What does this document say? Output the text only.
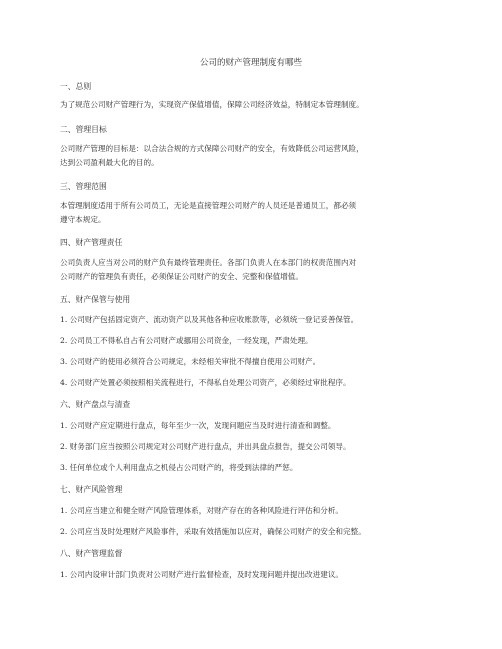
公司的财产管理制度有哪些
一、总则
为了规范公司财产管理行为，实现资产保值增值，保障公司经济效益，特制定本管理制度。
二、管理目标
公司财产管理的目标是：以合法合规的方式保障公司财产的安全，有效降低公司运营风险，
达到公司盈利最大化的目的。
三、管理范围
本管理制度适用于所有公司员工，无论是直接管理公司财产的人员还是普通员工，都必须
遵守本规定。
四、财产管理责任
公司负责人应当对公司的财产负有最终管理责任。各部门负责人在本部门的权责范围内对
公司财产的管理负有责任，必须保证公司财产的安全、完整和保值增值。
五、财产保管与使用
1. 公司财产包括固定资产、流动资产以及其他各种应收账款等，必须统一登记妥善保管。
2. 公司员工不得私自占有公司财产或挪用公司资金，一经发现，严肃处理。
3. 公司财产的使用必须符合公司规定，未经相关审批不得擅自使用公司财产。
4. 公司财产处置必须按照相关流程进行，不得私自处理公司资产，必须经过审批程序。
六、财产盘点与清查
1. 公司财产应定期进行盘点，每年至少一次，发现问题应当及时进行清查和调整。
2. 财务部门应当按照公司规定对公司财产进行盘点，并出具盘点报告，提交公司领导。
3. 任何单位或个人利用盘点之机侵占公司财产的，将受到法律的严惩。
七、财产风险管理
1. 公司应当建立和健全财产风险管理体系，对财产存在的各种风险进行评估和分析。
2. 公司应当及时处理财产风险事件，采取有效措施加以应对，确保公司财产的安全和完整。
八、财产管理监督
1. 公司内设审计部门负责对公司财产进行监督检查，及时发现问题并提出改进建议。
